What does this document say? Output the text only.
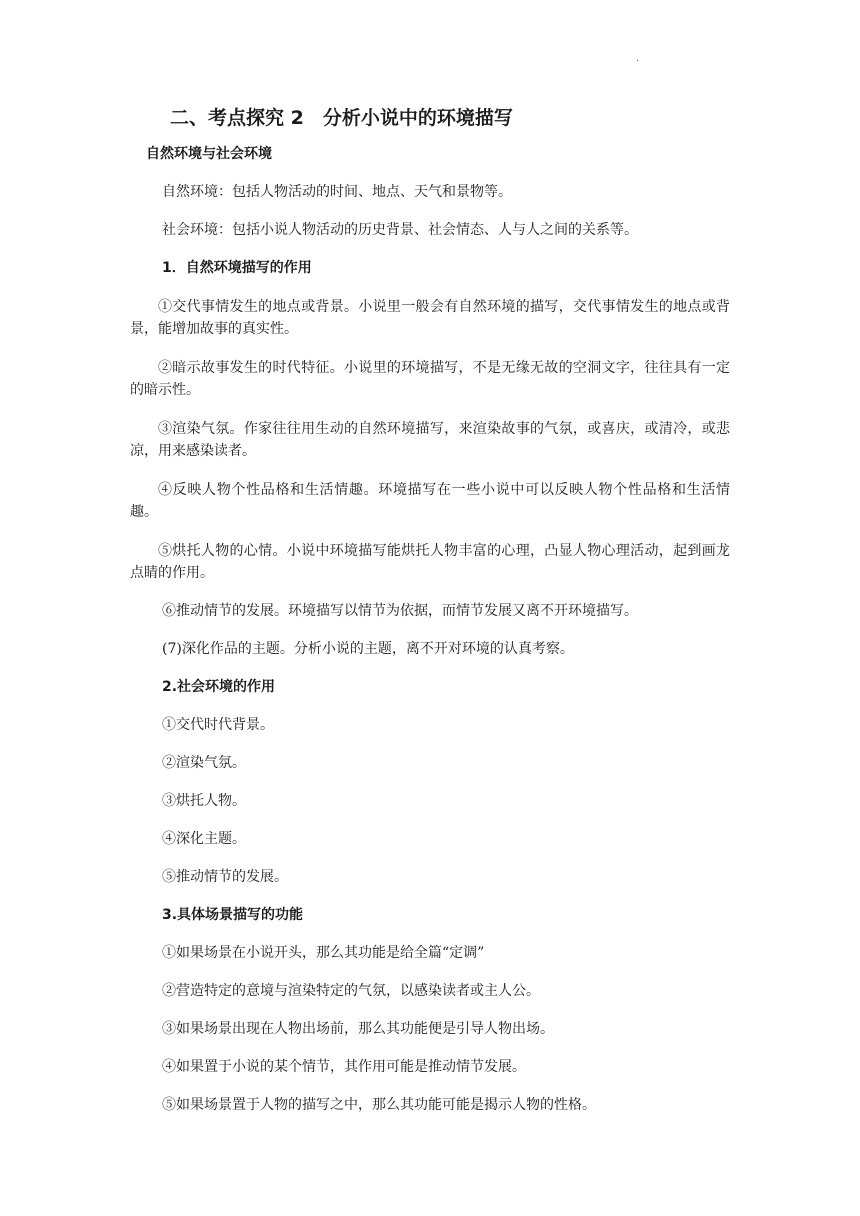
·
二、考点探究 2　分析小说中的环境描写
自然环境与社会环境

自然环境：包括人物活动的时间、地点、天气和景物等。

社会环境：包括小说人物活动的历史背景、社会情态、人与人之间的关系等。

1．自然环境描写的作用

①交代事情发生的地点或背景。小说里一般会有自然环境的描写，交代事情发生的地点或背景，能增加故事的真实性。

②暗示故事发生的时代特征。小说里的环境描写，不是无缘无故的空洞文字，往往具有一定的暗示性。

③渲染气氛。作家往往用生动的自然环境描写，来渲染故事的气氛，或喜庆，或清冷，或悲凉，用来感染读者。

④反映人物个性品格和生活情趣。环境描写在一些小说中可以反映人物个性品格和生活情趣。

⑤烘托人物的心情。小说中环境描写能烘托人物丰富的心理，凸显人物心理活动，起到画龙点睛的作用。

⑥推动情节的发展。环境描写以情节为依据，而情节发展又离不开环境描写。

(7)深化作品的主题。分析小说的主题，离不开对环境的认真考察。

2.社会环境的作用

①交代时代背景。

②渲染气氛。

③烘托人物。

④深化主题。

⑤推动情节的发展。

3.具体场景描写的功能

①如果场景在小说开头，那么其功能是给全篇“定调”

②营造特定的意境与渲染特定的气氛，以感染读者或主人公。

③如果场景出现在人物出场前，那么其功能便是引导人物出场。

④如果置于小说的某个情节，其作用可能是推动情节发展。

⑤如果场景置于人物的描写之中，那么其功能可能是揭示人物的性格。
